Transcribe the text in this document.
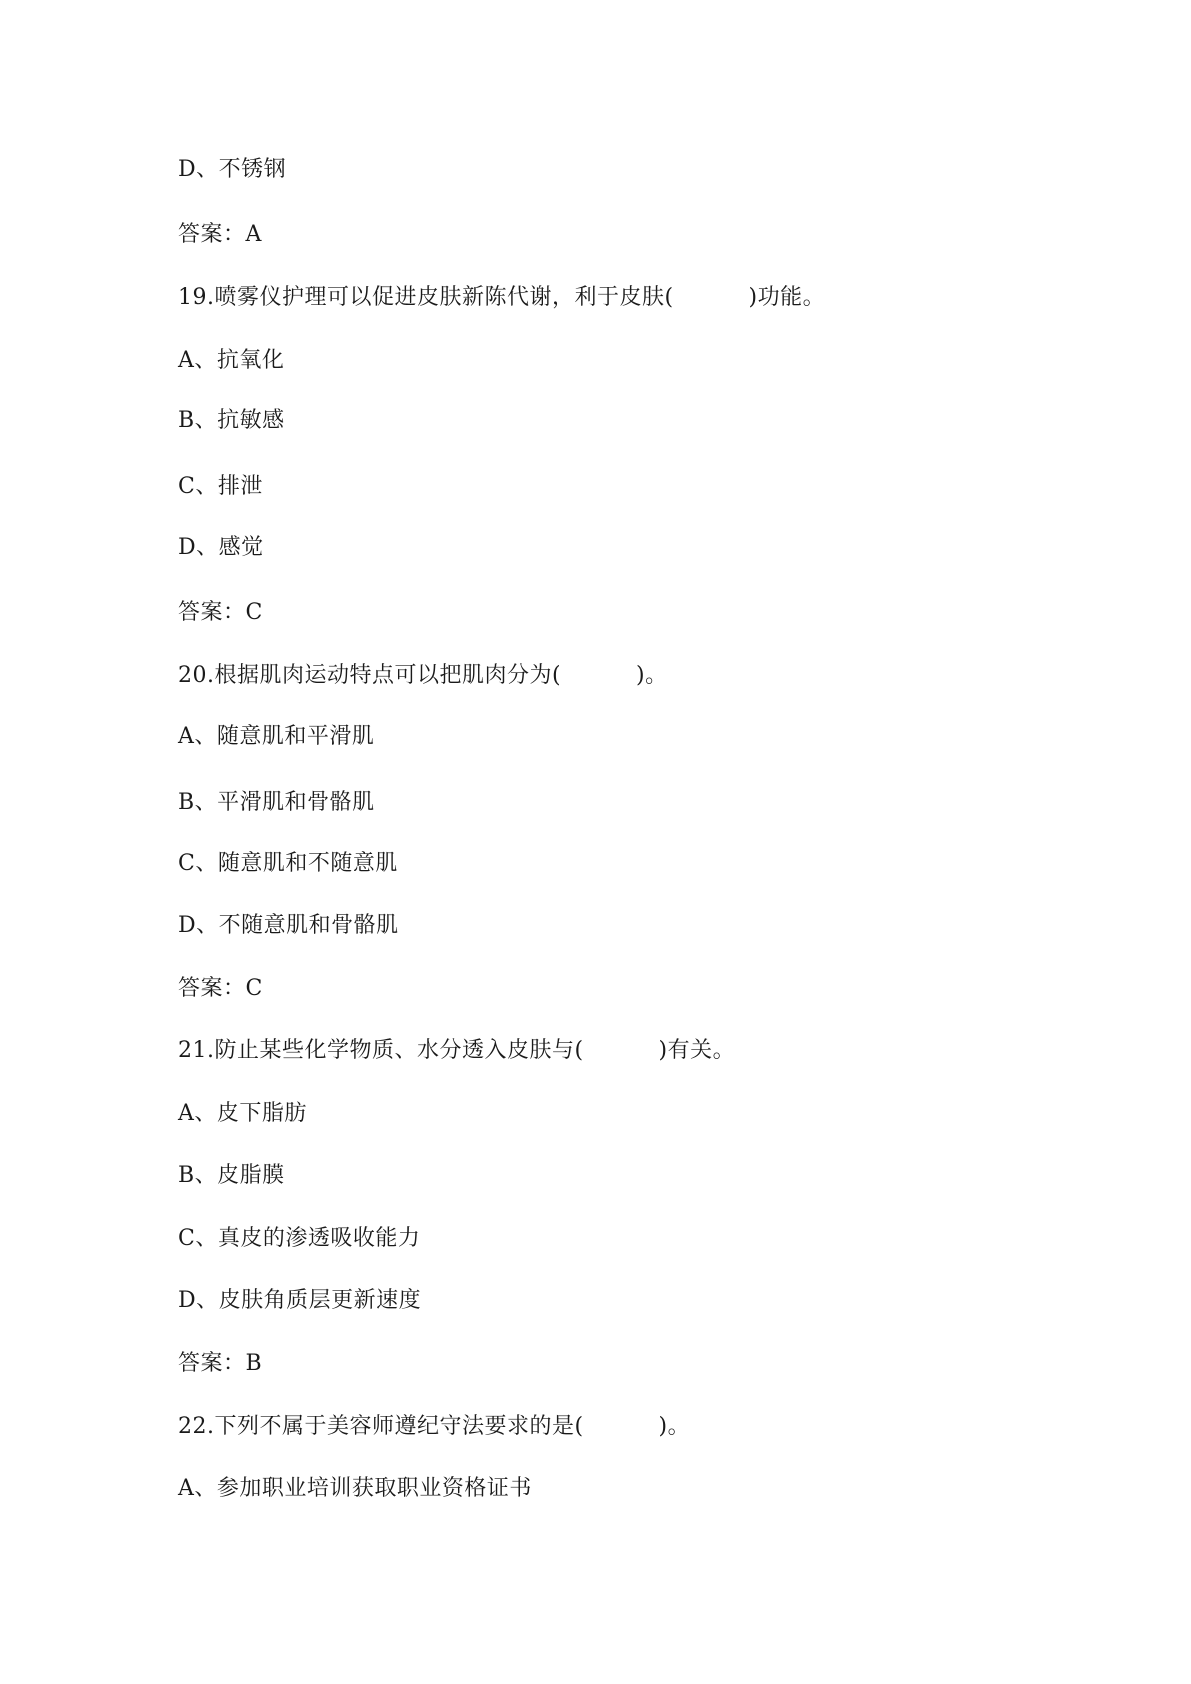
D、不锈钢
答案：A
19.喷雾仪护理可以促进皮肤新陈代谢，利于皮肤(          )功能。
A、抗氧化
B、抗敏感
C、排泄
D、感觉
答案：C
20.根据肌肉运动特点可以把肌肉分为(          )。
A、随意肌和平滑肌
B、平滑肌和骨骼肌
C、随意肌和不随意肌
D、不随意肌和骨骼肌
答案：C
21.防止某些化学物质、水分透入皮肤与(          )有关。
A、皮下脂肪
B、皮脂膜
C、真皮的渗透吸收能力
D、皮肤角质层更新速度
答案：B
22.下列不属于美容师遵纪守法要求的是(          )。
A、参加职业培训获取职业资格证书
